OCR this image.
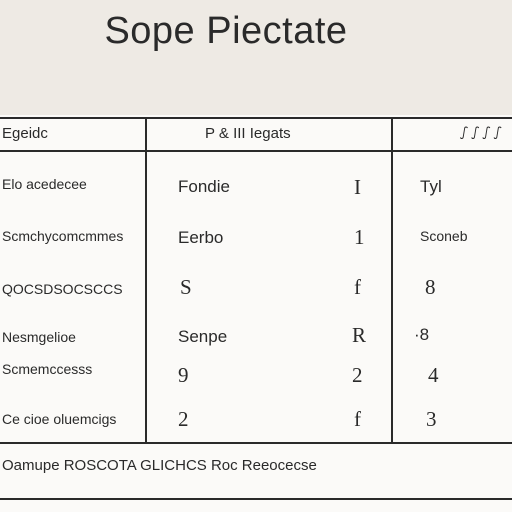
Sope Piectate
Egeidc	P & III Iegats	ഽ ഽ ഽ ഽ
Elo acedecee	Fondie	I	Tyl
Scmchycomcmmes	Eerbo	1	Sconeb
QOCSDSOCSCCS	S	f	8
Nesmgelioe	Senpe	R	·8
Scmemccesss	9	2	4
Ce cioe oluemcigs	2	f	3
Oamupe ROSCOTA GLICHCS Roc Reeocecse
